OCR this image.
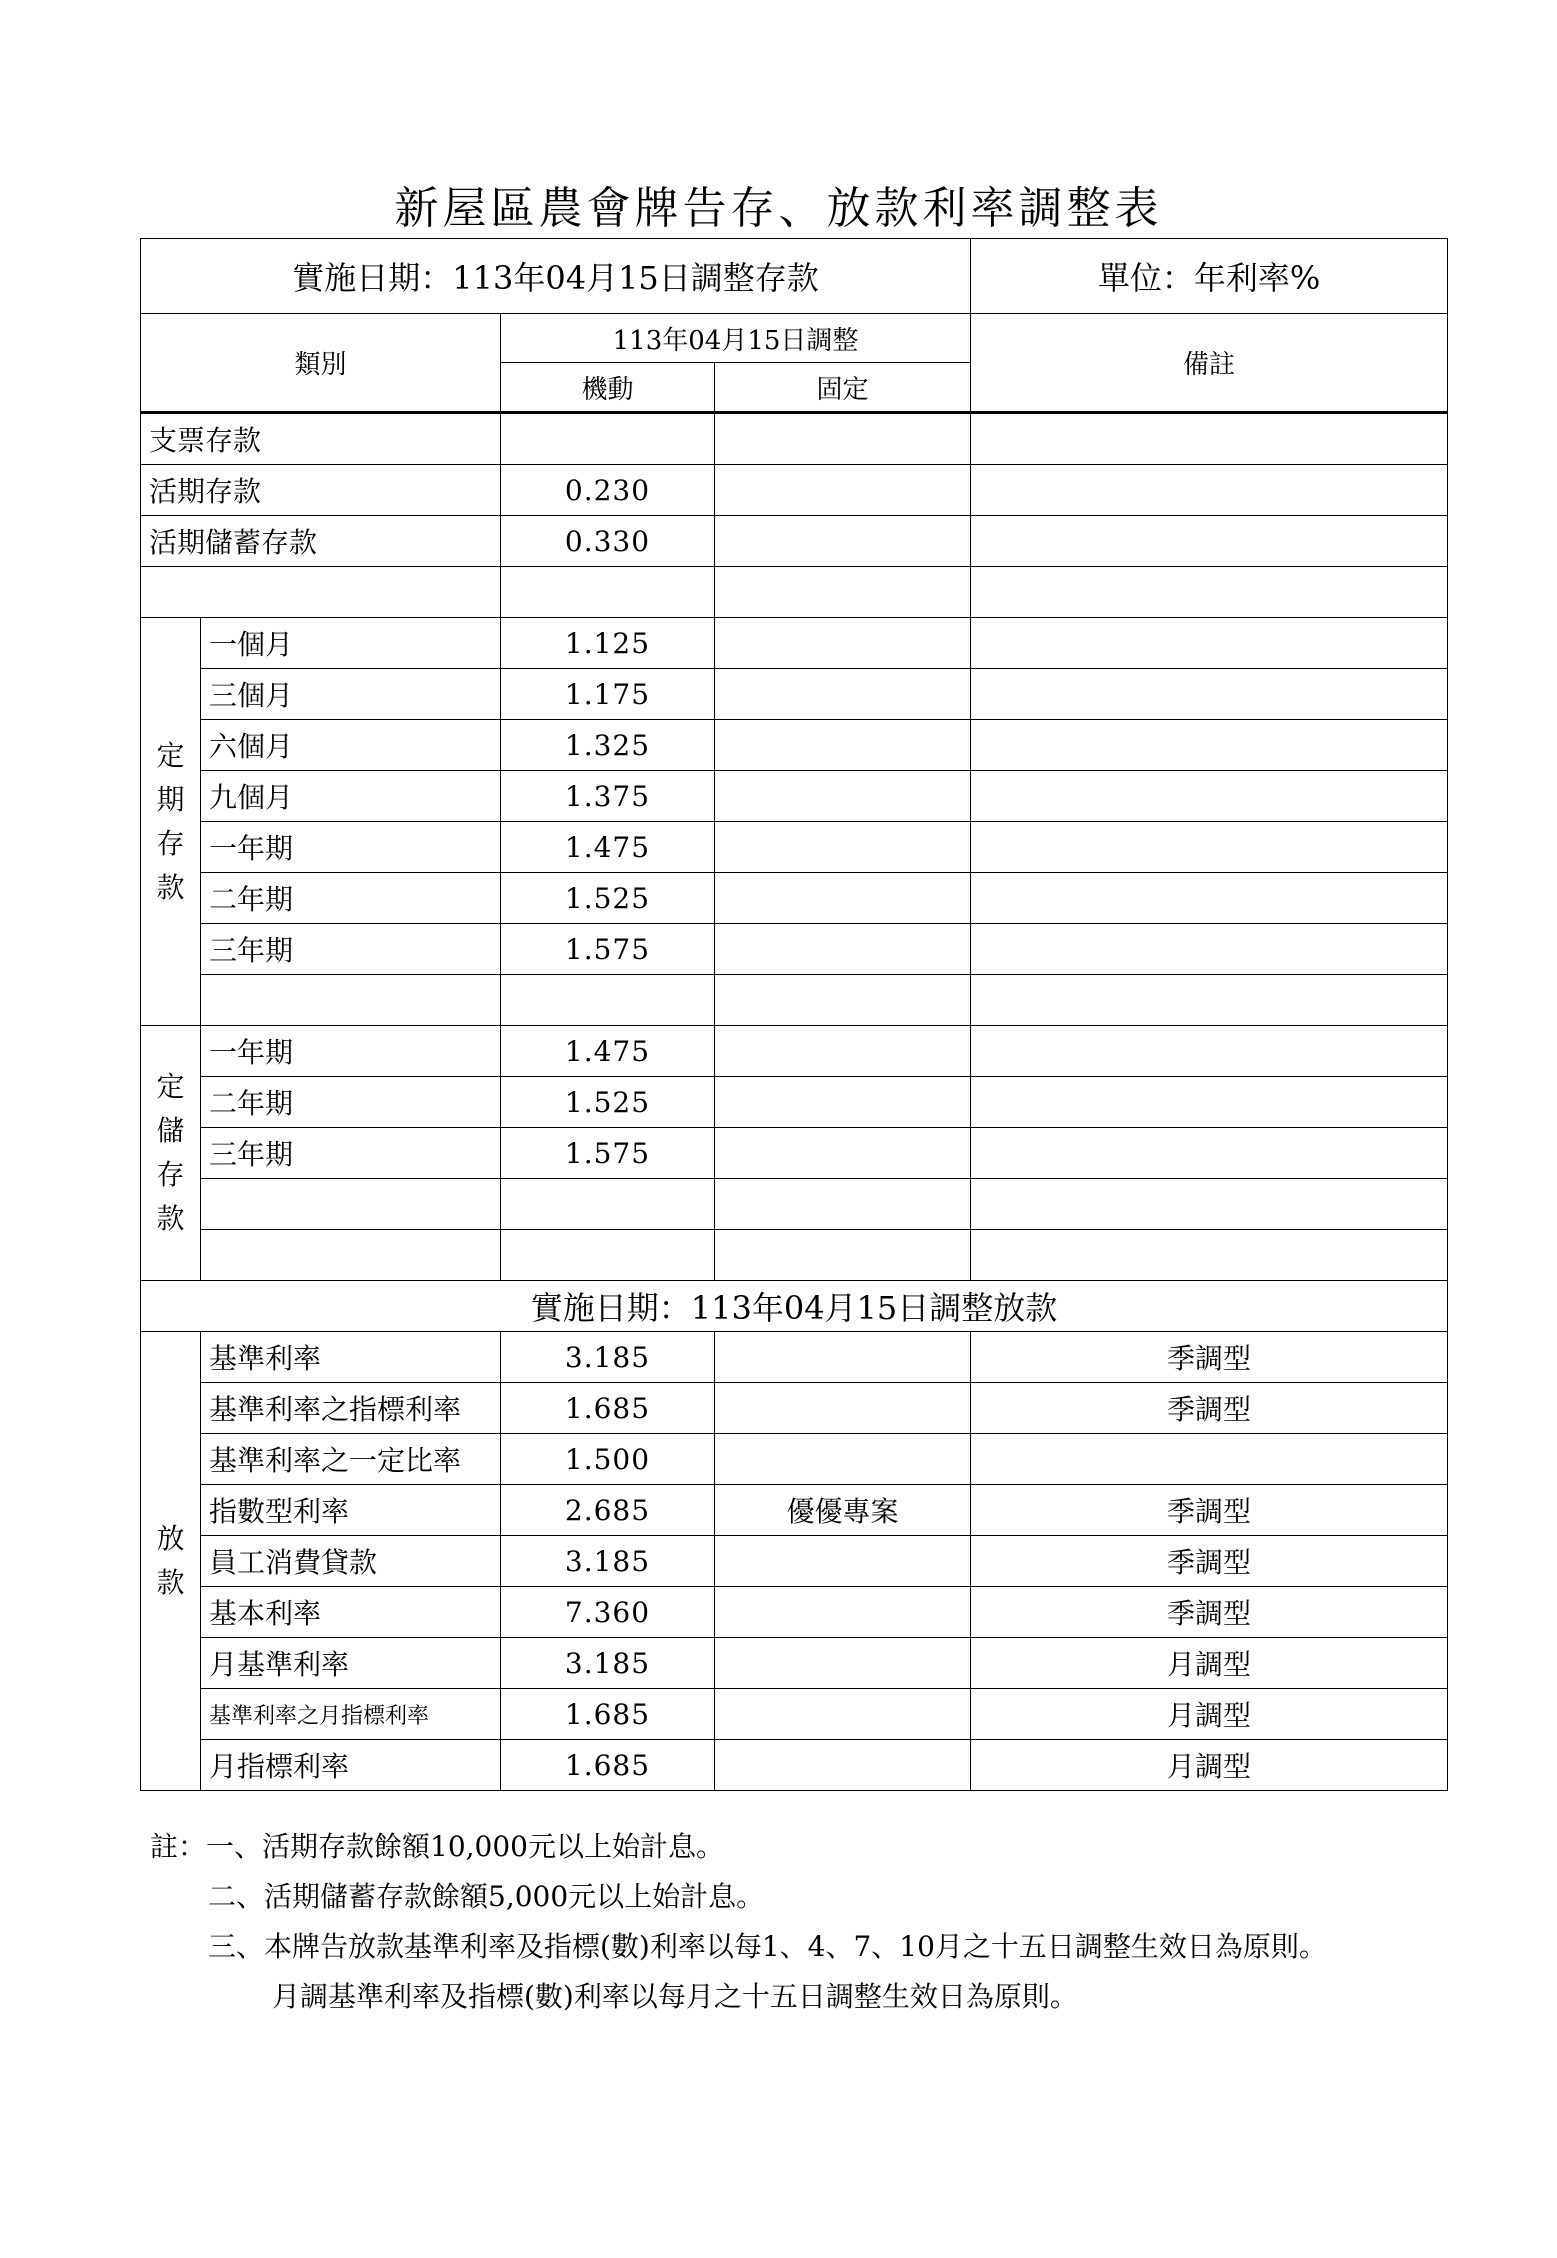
新屋區農會牌告存、放款利率調整表
實施日期：113年04月15日調整存款				單位：年利率%
類別		113年04月15日調整		備註
		機動	固定	
支票存款				
活期存款		0.230		
活期儲蓄存款		0.330		

定
期
存
款	一個月	1.125		
	三個月	1.175		
	六個月	1.325		
	九個月	1.375		
	一年期	1.475		
	二年期	1.525		
	三年期	1.575		

定
儲
存
款	一年期	1.475		
	二年期	1.525		
	三年期	1.575		

實施日期：113年04月15日調整放款				

放
款	基準利率	3.185		季調型
	基準利率之指標利率	1.685		季調型
	基準利率之一定比率	1.500		
	指數型利率	2.685	優優專案	季調型
	員工消費貸款	3.185		季調型
	基本利率	7.360		季調型
	月基準利率	3.185		月調型
	基準利率之月指標利率	1.685		月調型
	月指標利率	1.685		月調型
註：一、活期存款餘額10,000元以上始計息。
二、活期儲蓄存款餘額5,000元以上始計息。
三、本牌告放款基準利率及指標(數)利率以每1、4、7、10月之十五日調整生效日為原則。
月調基準利率及指標(數)利率以每月之十五日調整生效日為原則。
